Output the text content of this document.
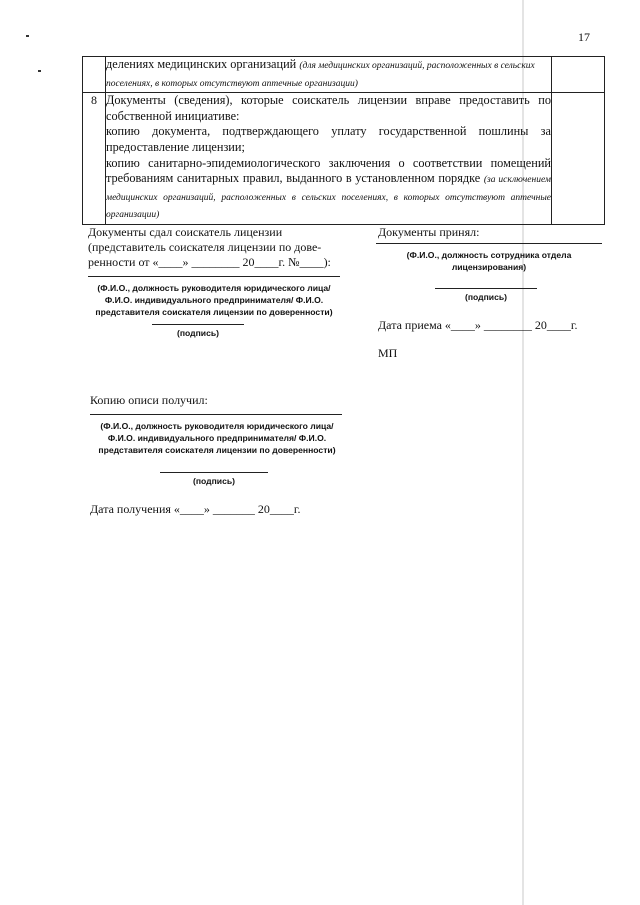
17
	делениях медицинских организаций (для медицинских организаций, расположенных в сельских поселениях, в которых отсутствуют аптечные организации)	
8	Документы (сведения), которые соискатель лицензии вправе предоставить по собственной инициативе:

копию документа, подтверждающего уплату государственной пошлины за предоставление лицензии;

копию санитарно-эпидемиологического заключения о соответствии помещений требованиям санитарных правил, выданного в установленном порядке (за исключением медицинских организаций, расположенных в сельских поселениях, в которых отсутствуют аптечные организации)	

Документы сдал соискатель лицензии
(представитель соискателя лицензии по дове-
ренности от «____» ________ 20____г. №____):
(Ф.И.О., должность руководителя юридического лица/ Ф.И.О. индивидуального предпринимателя/ Ф.И.О. представителя соискателя лицензии по доверенности)
(подпись)
Документы принял:
(Ф.И.О., должность сотрудника отдела лицензирования)
(подпись)
Дата приема «____» ________ 20____г.
МП
Копию описи получил:
(Ф.И.О., должность руководителя юридического лица/ Ф.И.О. индивидуального предпринимателя/ Ф.И.О. представителя соискателя лицензии по доверенности)
(подпись)
Дата получения «____» _______ 20____г.
